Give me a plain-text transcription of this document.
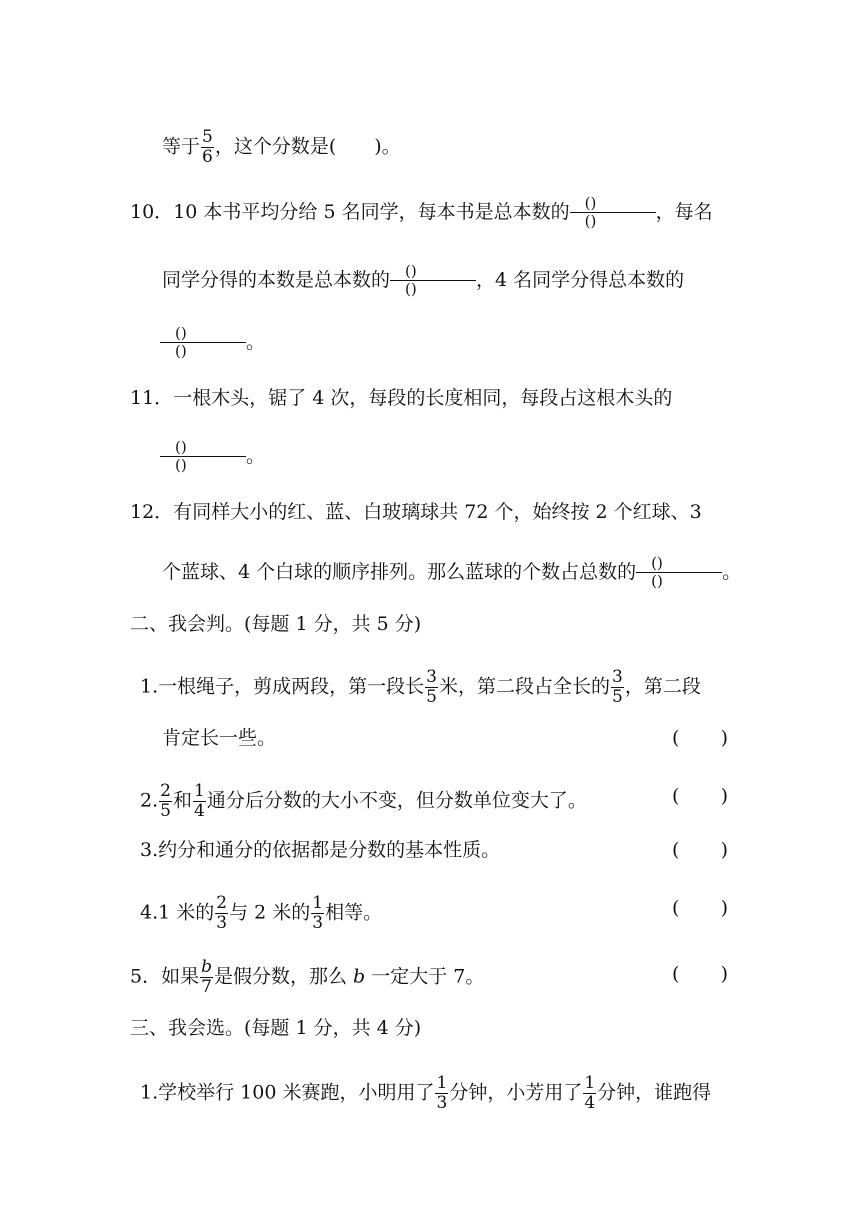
等于 $\frac{5}{6}$ ，这个分数是(　　)。
10．10 本书平均分给 5 名同学，每本书是总本数的	()
()	，每名
同学分得的本数是总本数的	()
()	，4 名同学分得总本数的
()
()	。
11．一根木头，锯了 4 次，每段的长度相同，每段占这根木头的
()
()	。
12．有同样大小的红、蓝、白玻璃球共 72 个，始终按 2 个红球、3
个蓝球、4 个白球的顺序排列。那么蓝球的个数占总数的	()
()	。
二、我会判。(每题 1 分，共 5 分)
1.一根绳子，剪成两段，第一段长 $\frac{3}{5}$ 米，第二段占全长的 $\frac{3}{5}$ ，第二段
肯定长一些。	( )
2. $\frac{2}{5}$ 和 $\frac{1}{4}$ 通分后分数的大小不变，但分数单位变大了。	( )
3.约分和通分的依据都是分数的基本性质。	( )
4.1 米的 $\frac{2}{3}$ 与 2 米的 $\frac{1}{3}$ 相等。	( )
5．如果 $\frac{b}{7}$ 是假分数，那么 b 一定大于 7。	( )
三、我会选。(每题 1 分，共 4 分)
1.学校举行 100 米赛跑，小明用了 $\frac{1}{3}$ 分钟，小芳用了 $\frac{1}{4}$ 分钟，谁跑得
